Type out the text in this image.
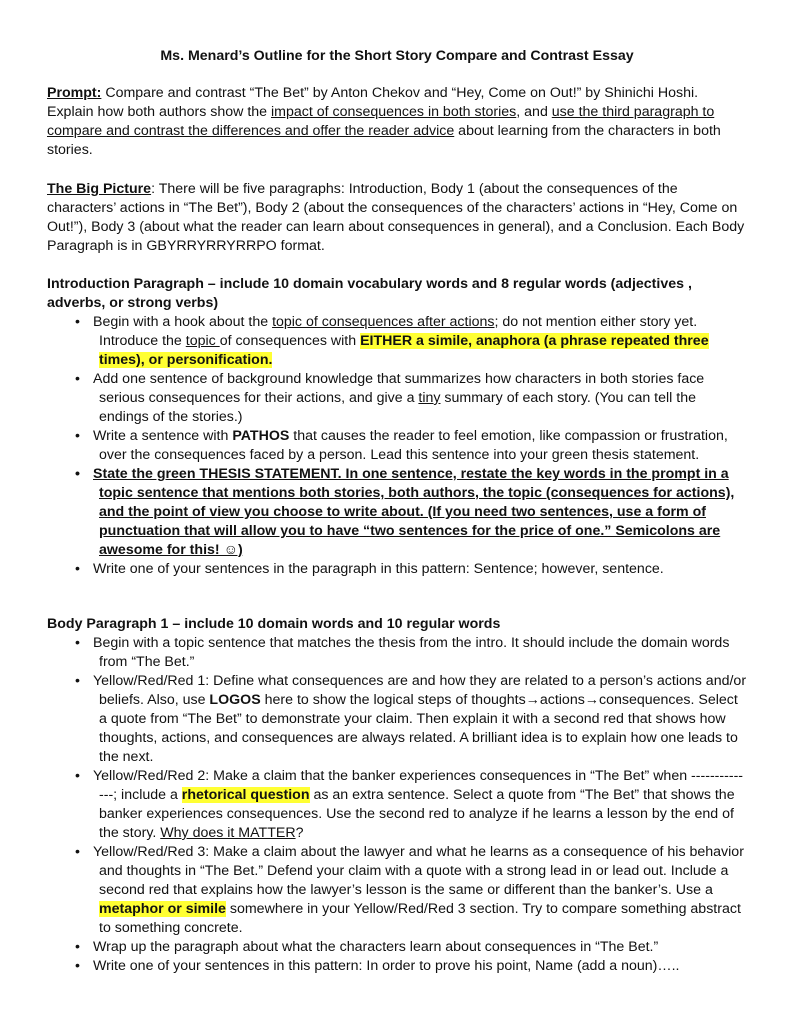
Ms. Menard’s Outline for the Short Story Compare and Contrast Essay

Prompt: Compare and contrast “The Bet” by Anton Chekov and “Hey, Come on Out!” by Shinichi Hoshi. Explain how both authors show the impact of consequences in both stories, and use the third paragraph to compare and contrast the differences and offer the reader advice about learning from the characters in both stories.

The Big Picture: There will be five paragraphs: Introduction, Body 1 (about the consequences of the characters’ actions in “The Bet”), Body 2 (about the consequences of the characters’ actions in “Hey, Come on Out!”), Body 3 (about what the reader can learn about consequences in general), and a Conclusion. Each Body Paragraph is in GBYRRYRRYRRPO format.

Introduction Paragraph – include 10 domain vocabulary words and 8 regular words (adjectives , adverbs, or strong verbs)

• Begin with a hook about the topic of consequences after actions; do not mention either story yet. Introduce the topic of consequences with EITHER a simile, anaphora (a phrase repeated three times), or personification.
• Add one sentence of background knowledge that summarizes how characters in both stories face serious consequences for their actions, and give a tiny summary of each story. (You can tell the endings of the stories.)
• Write a sentence with PATHOS that causes the reader to feel emotion, like compassion or frustration, over the consequences faced by a person. Lead this sentence into your green thesis statement.
• State the green THESIS STATEMENT. In one sentence, restate the key words in the prompt in a topic sentence that mentions both stories, both authors, the topic (consequences for actions), and the point of view you choose to write about. (If you need two sentences, use a form of punctuation that will allow you to have “two sentences for the price of one.” Semicolons are awesome for this! ☺)
• Write one of your sentences in the paragraph in this pattern: Sentence; however, sentence.

Body Paragraph 1 – include 10 domain words and 10 regular words

• Begin with a topic sentence that matches the thesis from the intro. It should include the domain words from “The Bet.”
• Yellow/Red/Red 1: Define what consequences are and how they are related to a person’s actions and/or beliefs. Also, use LOGOS here to show the logical steps of thoughts→actions→consequences. Select a quote from “The Bet” to demonstrate your claim. Then explain it with a second red that shows how thoughts, actions, and consequences are always related. A brilliant idea is to explain how one leads to the next.
• Yellow/Red/Red 2: Make a claim that the banker experiences consequences in “The Bet” when --------------; include a rhetorical question as an extra sentence. Select a quote from “The Bet” that shows the banker experiences consequences. Use the second red to analyze if he learns a lesson by the end of the story. Why does it MATTER?
• Yellow/Red/Red 3: Make a claim about the lawyer and what he learns as a consequence of his behavior and thoughts in “The Bet.” Defend your claim with a quote with a strong lead in or lead out. Include a second red that explains how the lawyer’s lesson is the same or different than the banker’s. Use a metaphor or simile somewhere in your Yellow/Red/Red 3 section. Try to compare something abstract to something concrete.
• Wrap up the paragraph about what the characters learn about consequences in “The Bet.”
• Write one of your sentences in this pattern: In order to prove his point, Name (add a noun)…..
